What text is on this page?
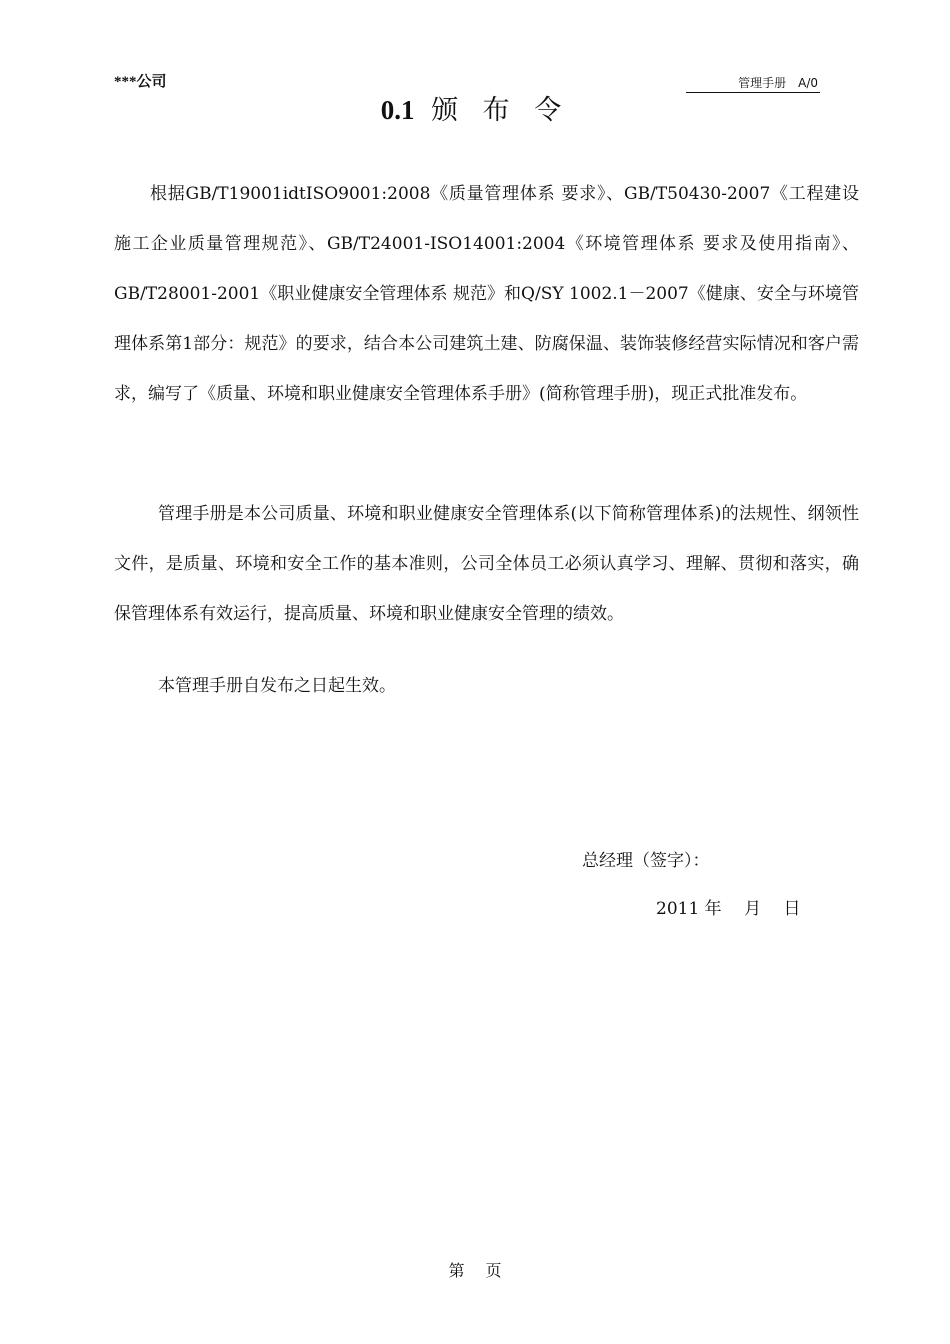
***公司	管理手册　A/0
0.1 颁 布 令

根据GB/T19001idtISO9001:2008《质量管理体系 要求》、GB/T50430-2007《工程建设施工企业质量管理规范》、GB/T24001-ISO14001:2004《环境管理体系 要求及使用指南》、GB/T28001-2001《职业健康安全管理体系 规范》和Q/SY 1002.1－2007《健康、安全与环境管理体系第1部分：规范》的要求，结合本公司建筑土建、防腐保温、装饰装修经营实际情况和客户需求，编写了《质量、环境和职业健康安全管理体系手册》(简称管理手册)，现正式批准发布。

管理手册是本公司质量、环境和职业健康安全管理体系(以下简称管理体系)的法规性、纲领性文件，是质量、环境和安全工作的基本准则，公司全体员工必须认真学习、理解、贯彻和落实，确保管理体系有效运行，提高质量、环境和职业健康安全管理的绩效。

本管理手册自发布之日起生效。

总经理（签字）：
2011 年　 月　 日
第　 页
